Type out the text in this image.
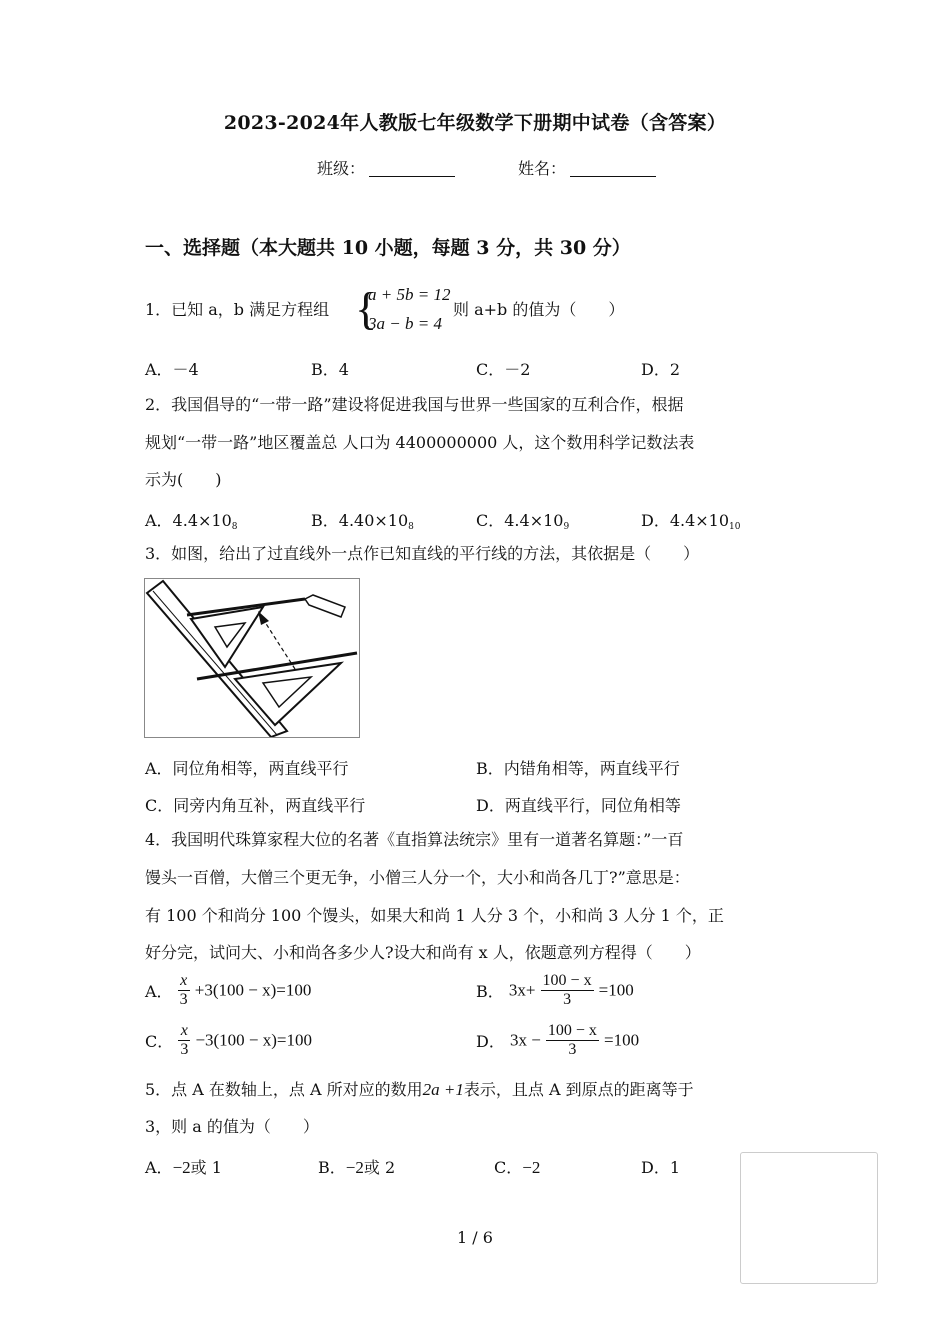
2023-2024年人教版七年级数学下册期中试卷（含答案）
班级：	姓名：
一、选择题（本大题共 10 小题，每题 3 分，共 30 分）
1．已知 a，b 满足方程组 {
a + 5b = 12
3a − b = 4
则 a+b 的值为（　　）
A．－4	B．4	C．－2	D．2
2．我国倡导的“一带一路”建设将促进我国与世界一些国家的互利合作，根据
规划“一带一路”地区覆盖总 人口为 4400000000 人，这个数用科学记数法表
示为(　　)
A．$4.4\times 10_8$	B．$4.40\times 10_8$	C．$4.4\times 10_9$	D．$4.4\times 10_{10}$
3．如图，给出了过直线外一点作已知直线的平行线的方法，其依据是（　　）
A．同位角相等，两直线平行	B．内错角相等，两直线平行
C．同旁内角互补，两直线平行	D．两直线平行，同位角相等
4．我国明代珠算家程大位的名著《直指算法统宗》里有一道著名算题：”一百
馒头一百僧，大僧三个更无争，小僧三人分一个，大小和尚各几丁?”意思是：
有 100 个和尚分 100 个馒头，如果大和尚 1 人分 3 个，小和尚 3 人分 1 个，正
好分完，试问大、小和尚各多少人?设大和尚有 x 人，依题意列方程得（　　）
A． $\frac{x}{3} +3(100 - x)=100$	B． $3x+ \frac{100 - x}{3} =100$
C． $\frac{x}{3} -3(100 - x)=100$	D． $3x - \frac{100 - x}{3} =100$
5．点 A 在数轴上，点 A 所对应的数用2a +1表示，且点 A 到原点的距离等于
3，则 a 的值为（　　）
A．−2或 1	B．−2或 2	C．−2	D．1
1 / 6
